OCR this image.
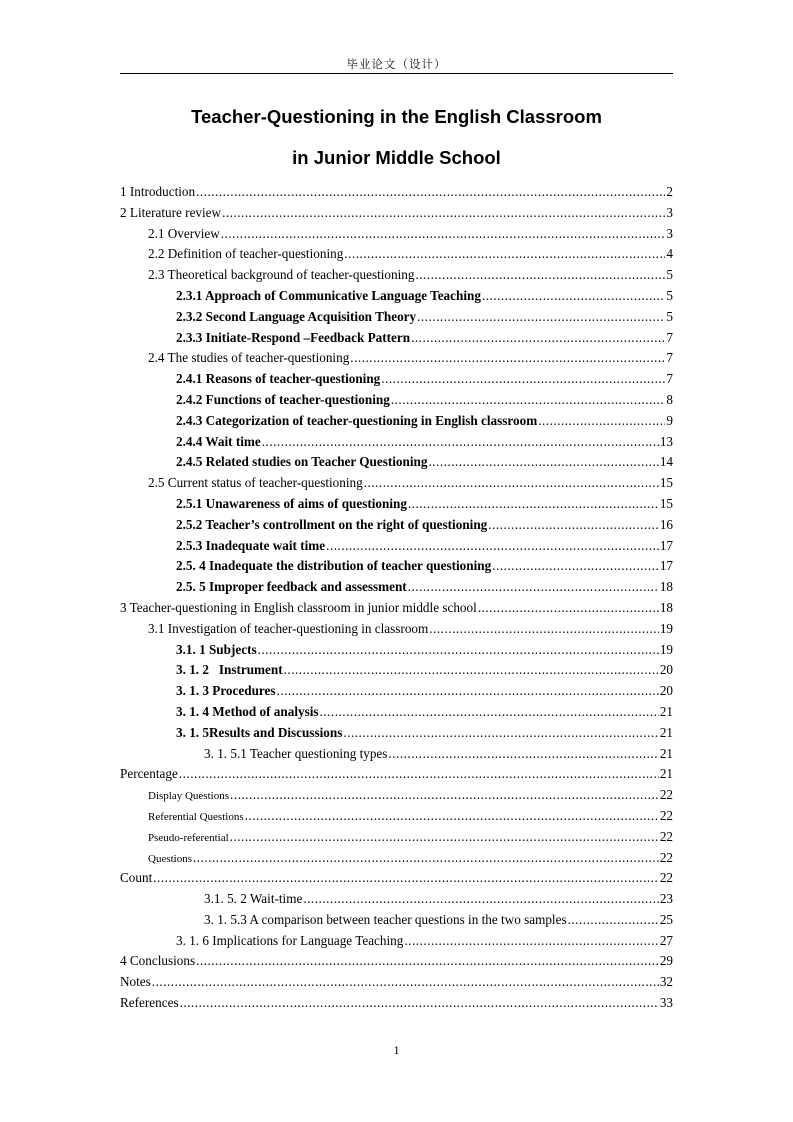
毕业论文（设计）
Teacher-Questioning in the English Classroom
in Junior Middle School
1 Introduction .....	2
2 Literature review .....	3
2.1 Overview .....	3
2.2 Definition of teacher-questioning .....	4
2.3 Theoretical background of teacher-questioning .....	5
2.3.1 Approach of Communicative Language Teaching .....	5
2.3.2 Second Language Acquisition Theory .....	5
2.3.3 Initiate-Respond –Feedback Pattern .....	7
2.4 The studies of teacher-questioning .....	7
2.4.1 Reasons of teacher-questioning .....	7
2.4.2 Functions of teacher-questioning .....	8
2.4.3 Categorization of teacher-questioning in English classroom .....	9
2.4.4 Wait time .....	13
2.4.5 Related studies on Teacher Questioning .....	14
2.5 Current status of teacher-questioning .....	15
2.5.1 Unawareness of aims of questioning .....	15
2.5.2 Teacher’s controllment on the right of questioning .....	16
2.5.3 Inadequate wait time .....	17
2.5. 4 Inadequate the distribution of teacher questioning .....	17
2.5. 5 Improper feedback and assessment .....	18
3 Teacher-questioning in English classroom in junior middle school .....	18
3.1 Investigation of teacher-questioning in classroom .....	19
3.1. 1 Subjects .....	19
3. 1. 2   Instrument .....	20
3. 1. 3 Procedures .....	20
3. 1. 4 Method of analysis .....	21
3. 1. 5Results and Discussions .....	21
3. 1. 5.1 Teacher questioning types .....	21
Percentage .....	21
Display Questions .....	22
Referential Questions .....	22
Pseudo-referential .....	22
Questions .....	22
Count .....	22
3.1. 5. 2 Wait-time .....	23
3. 1. 5.3 A comparison between teacher questions in the two samples .....	25
3. 1. 6 Implications for Language Teaching .....	27
4 Conclusions .....	29
Notes .....	32
References .....	33
1
